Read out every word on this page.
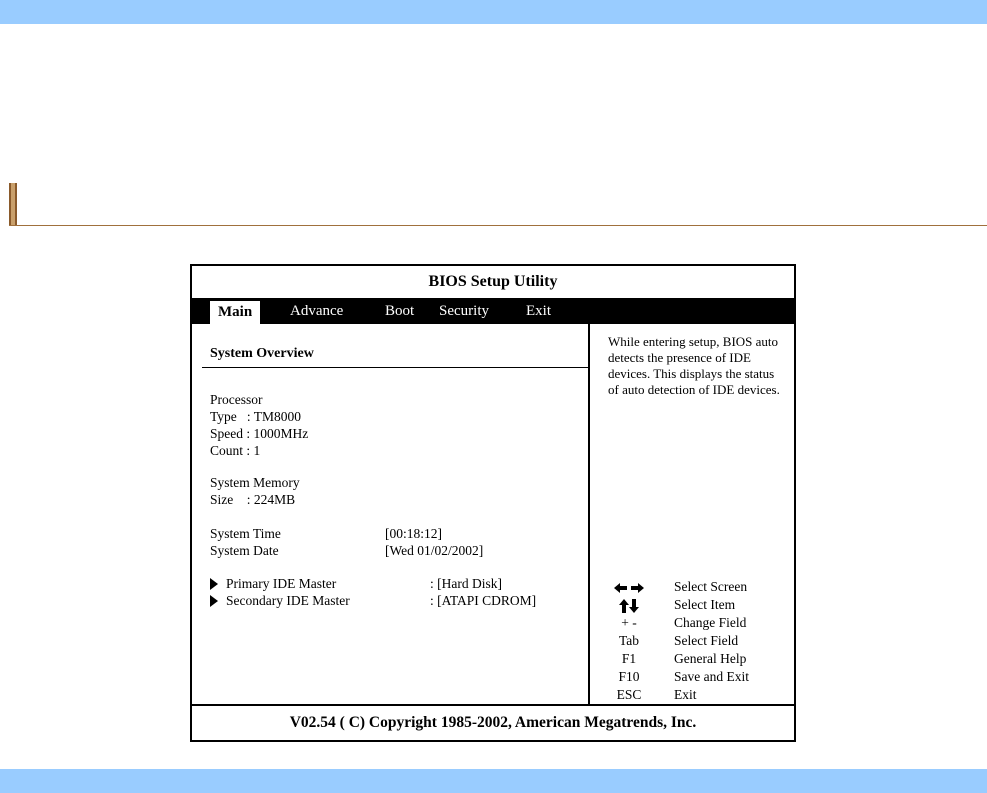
BIOS Setup Utility
Main	Advance	Boot Security Exit
System Overview
Processor
Type   : TM8000
Speed : 1000MHz
Count : 1
System Memory
Size    : 224MB
System Time	[00:18:12]
System Date	[Wed 01/02/2002]
Primary IDE Master	: [Hard Disk]
Secondary IDE Master	: [ATAPI CDROM]
While entering setup, BIOS auto detects the presence of IDE devices. This displays the status of auto detection of IDE devices.
Select Screen
Select Item
+ -	Change Field
Tab	Select Field
F1	General Help
F10	Save and Exit
ESC	Exit
V02.54 ( C) Copyright 1985-2002, American Megatrends, Inc.
